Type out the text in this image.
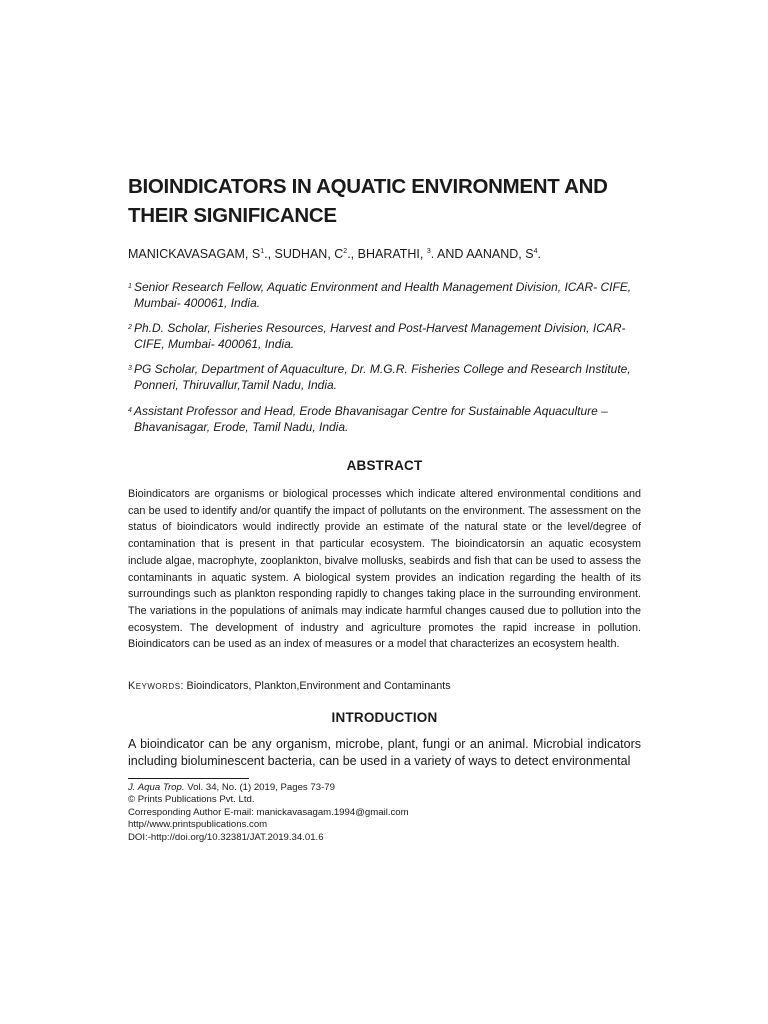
BIOINDICATORS IN AQUATIC ENVIRONMENT AND THEIR SIGNIFICANCE
MANICKAVASAGAM, $S^1$., SUDHAN, $C^2$., BHARATHI, $^3$. AND AANAND, $S^4$.
1 Senior Research Fellow, Aquatic Environment and Health Management Division, ICAR- CIFE,
Mumbai- 400061, India.
2 Ph.D. Scholar, Fisheries Resources, Harvest and Post-Harvest Management Division, ICAR-
CIFE, Mumbai- 400061, India.
3 PG Scholar, Department of Aquaculture, Dr. M.G.R. Fisheries College and Research Institute,
Ponneri, Thiruvallur,Tamil Nadu, India.
4 Assistant Professor and Head, Erode Bhavanisagar Centre for Sustainable Aquaculture –
Bhavanisagar, Erode, Tamil Nadu, India.
ABSTRACT

Bioindicators are organisms or biological processes which indicate altered environmental conditions and can be used to identify and/or quantify the impact of pollutants on the environment. The assessment on the status of bioindicators would indirectly provide an estimate of the natural state or the level/degree of contamination that is present in that particular ecosystem. The bioindicatorsin an aquatic ecosystem include algae, macrophyte, zooplankton, bivalve mollusks, seabirds and fish that can be used to assess the contaminants in aquatic system. A biological system provides an indication regarding the health of its surroundings such as plankton responding rapidly to changes taking place in the surrounding environment. The variations in the populations of animals may indicate harmful changes caused due to pollution into the ecosystem. The development of industry and agriculture promotes the rapid increase in pollution. Bioindicators can be used as an index of measures or a model that characterizes an ecosystem health.

Keywords: Bioindicators, Plankton,Environment and Contaminants
INTRODUCTION

A bioindicator can be any organism, microbe, plant, fungi or an animal. Microbial indicators including bioluminescent bacteria, can be used in a variety of ways to detect environmental

J. Aqua Trop. Vol. 34, No. (1) 2019, Pages 73-79
© Prints Publications Pvt. Ltd.
Corresponding Author E-mail: manickavasagam.1994@gmail.com
http//www.printspublications.com
DOI:-http://doi.org/10.32381/JAT.2019.34.01.6
